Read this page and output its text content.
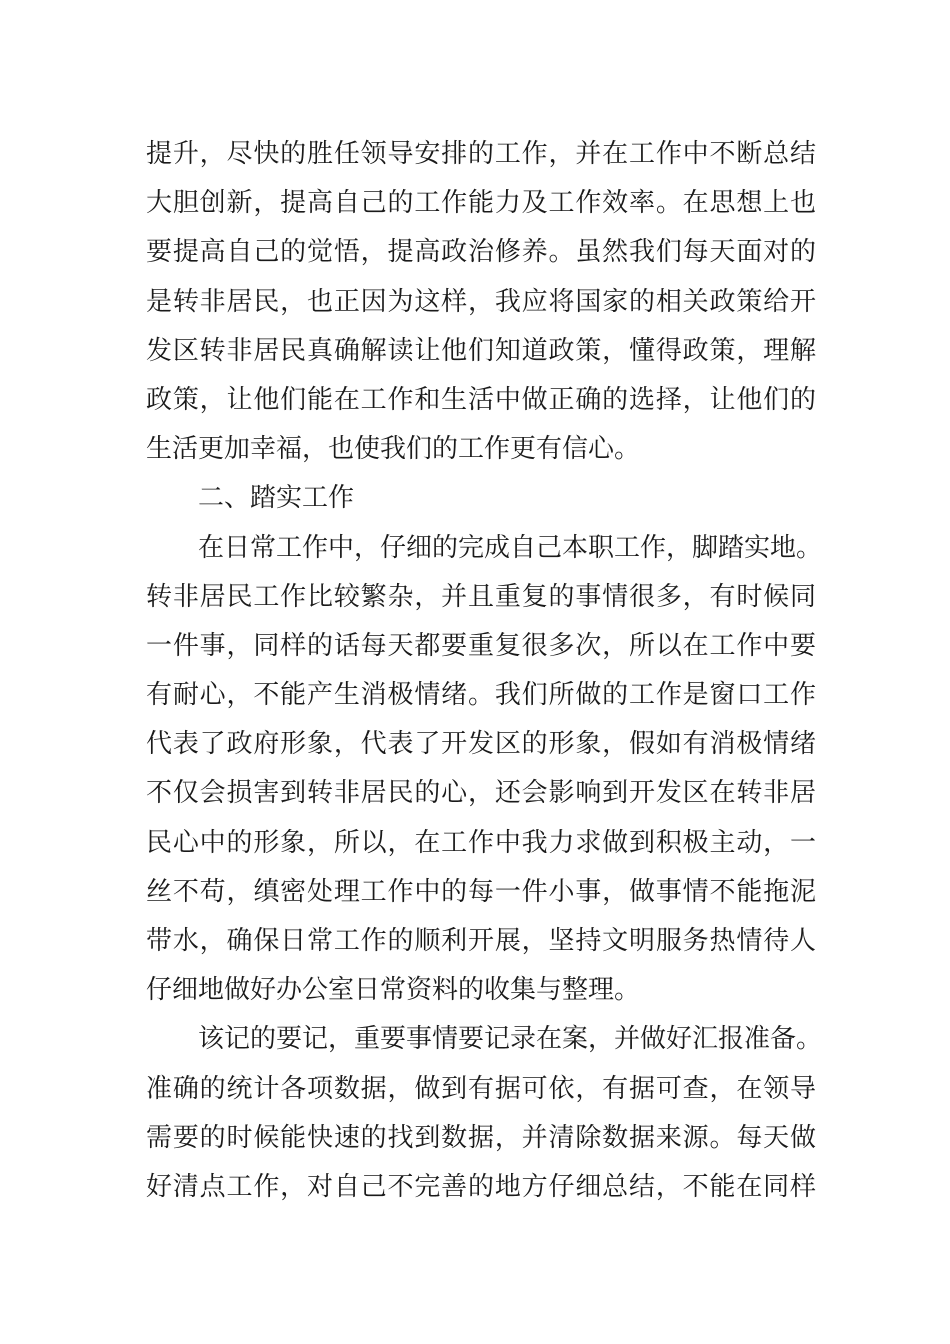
提升，尽快的胜任领导安排的工作，并在工作中不断总结
大胆创新，提高自己的工作能力及工作效率。在思想上也
要提高自己的觉悟，提高政治修养。虽然我们每天面对的
是转非居民，也正因为这样，我应将国家的相关政策给开
发区转非居民真确解读让他们知道政策，懂得政策，理解
政策，让他们能在工作和生活中做正确的选择，让他们的
生活更加幸福，也使我们的工作更有信心。
二、踏实工作
在日常工作中，仔细的完成自己本职工作，脚踏实地。
转非居民工作比较繁杂，并且重复的事情很多，有时候同
一件事，同样的话每天都要重复很多次，所以在工作中要
有耐心，不能产生消极情绪。我们所做的工作是窗口工作
代表了政府形象，代表了开发区的形象，假如有消极情绪
不仅会损害到转非居民的心，还会影响到开发区在转非居
民心中的形象，所以，在工作中我力求做到积极主动，一
丝不苟，缜密处理工作中的每一件小事，做事情不能拖泥
带水，确保日常工作的顺利开展，坚持文明服务热情待人
仔细地做好办公室日常资料的收集与整理。
该记的要记，重要事情要记录在案，并做好汇报准备。
准确的统计各项数据，做到有据可依，有据可查，在领导
需要的时候能快速的找到数据，并清除数据来源。每天做
好清点工作，对自己不完善的地方仔细总结，不能在同样
